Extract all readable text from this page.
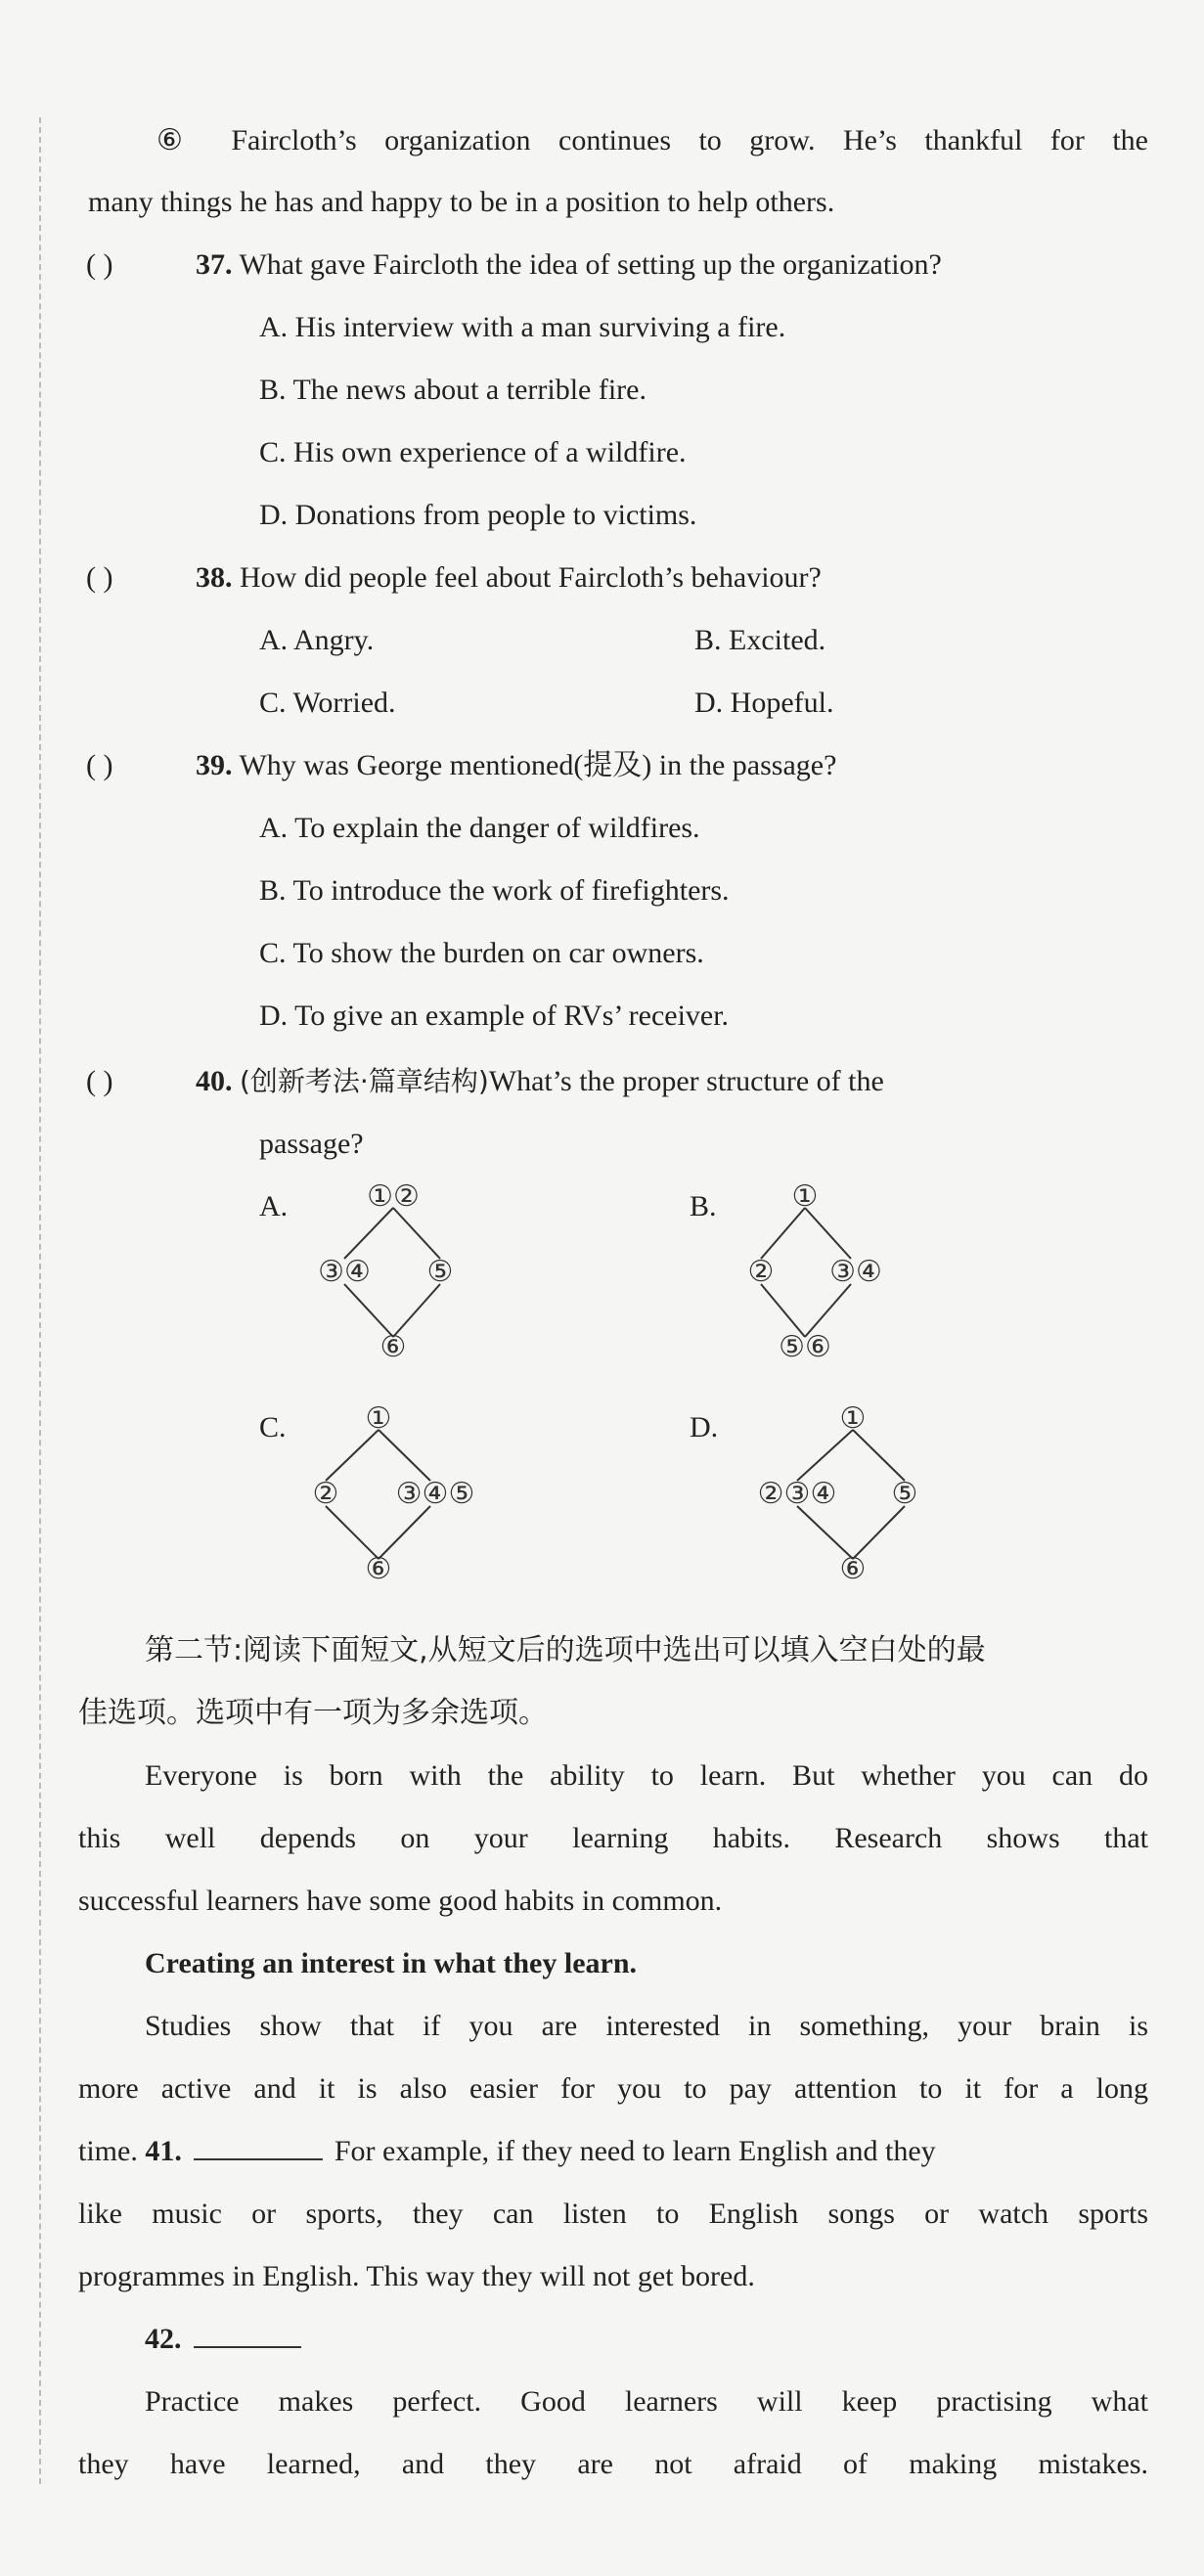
⑥ Faircloth’s organization continues to grow. He’s thankful for the
many things he has and happy to be in a position to help others.
( )	37. What gave Faircloth the idea of setting up the organization?
A. His interview with a man surviving a fire.
B. The news about a terrible fire.
C. His own experience of a wildfire.
D. Donations from people to victims.
( )	38. How did people feel about Faircloth’s behaviour?
A. Angry.	B. Excited.
C. Worried.	D. Hopeful.
( )	39. Why was George mentioned(提及) in the passage?
A. To explain the danger of wildfires.
B. To introduce the work of firefighters.
C. To show the burden on car owners.
D. To give an example of RVs’ receiver.
( )	40. (创新考法·篇章结构)What’s the proper structure of the
passage?
A.	①②
③④ ⑤
⑥
B.	①
② ③④
⑤⑥
C.	①
② ③④⑤
⑥
D.	①
②③④ ⑤
⑥
第二节:阅读下面短文,从短文后的选项中选出可以填入空白处的最
佳选项。选项中有一项为多余选项。
Everyone is born with the ability to learn. But whether you can do
this well depends on your learning habits. Research shows that
successful learners have some good habits in common.
Creating an interest in what they learn.
Studies show that if you are interested in something, your brain is
more active and it is also easier for you to pay attention to it for a long
time. 41.	For example, if they need to learn English and they
like music or sports, they can listen to English songs or watch sports
programmes in English. This way they will not get bored.
42.
Practice makes perfect. Good learners will keep practising what
they have learned, and they are not afraid of making mistakes.
